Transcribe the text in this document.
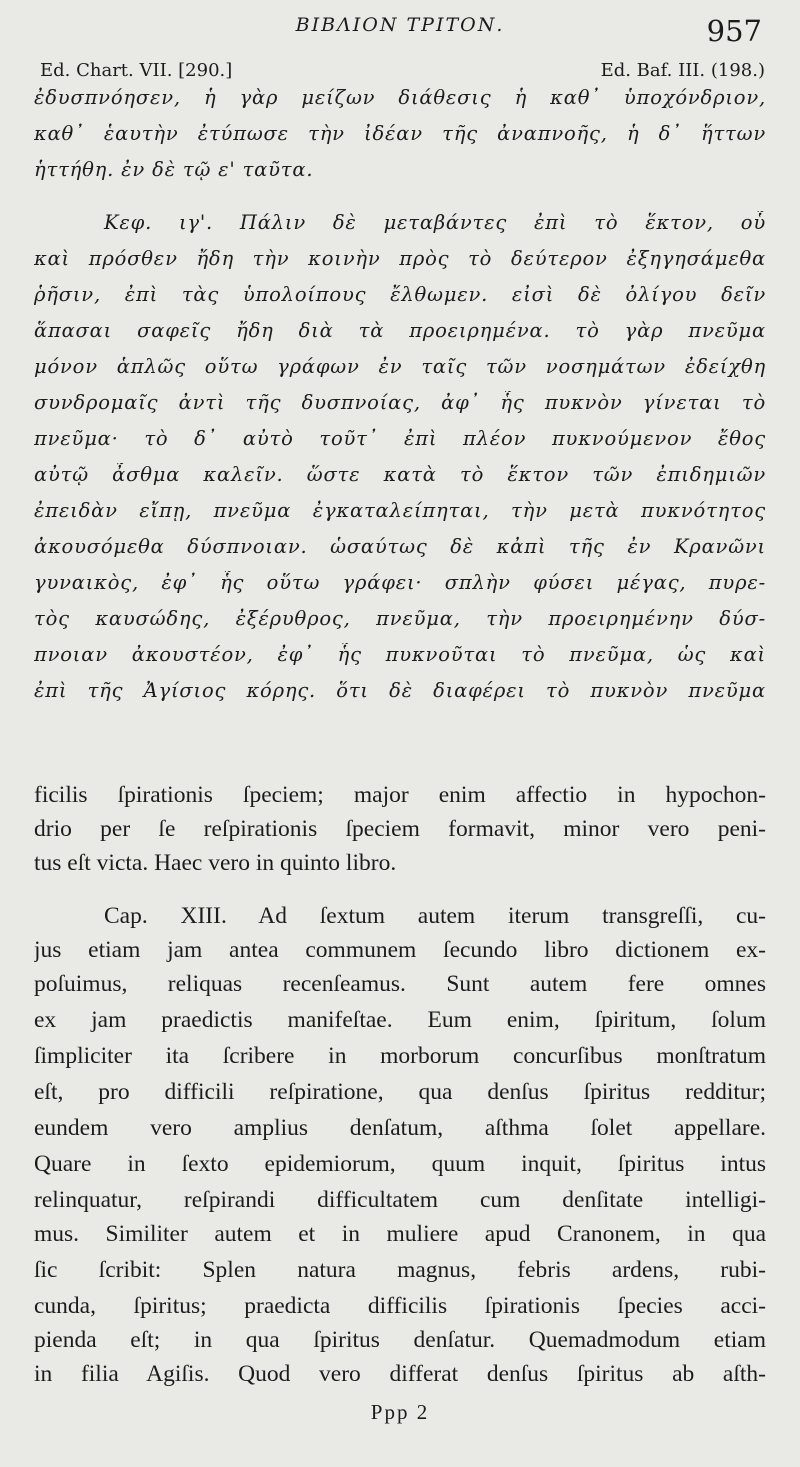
ΒΙΒΛΙΟΝ ΤΡΙΤΟΝ.	957
Ed. Chart. VII. [290.]	Ed. Baf. III. (198.)
ἐδυσπνόησεν, ἡ γὰρ μείζων διάθεσις ἡ καθ᾽ ὑποχόνδριον,
καθ᾽ ἑαυτὴν ἐτύπωσε τὴν ἰδέαν τῆς ἀναπνοῆς, ἡ δ᾽ ἥττων
ἡττήθη. ἐν δὲ τῷ ε' ταῦτα.
Κεφ. ιγ'. Πάλιν δὲ μεταβάντες ἐπὶ τὸ ἕκτον, οὗ
καὶ πρόσθεν ἤδη τὴν κοινὴν πρὸς τὸ δεύτερον ἐξηγησάμεθα
ῥῆσιν, ἐπὶ τὰς ὑπολοίπους ἔλθωμεν. εἰσὶ δὲ ὀλίγου δεῖν
ἅπασαι σαφεῖς ἤδη διὰ τὰ προειρημένα. τὸ γὰρ πνεῦμα
μόνον ἁπλῶς οὕτω γράφων ἐν ταῖς τῶν νοσημάτων ἐδείχθη
συνδρομαῖς ἀντὶ τῆς δυσπνοίας, ἀφ᾽ ἧς πυκνὸν γίνεται τὸ
πνεῦμα· τὸ δ᾽ αὐτὸ τοῦτ᾽ ἐπὶ πλέον πυκνούμενον ἔθος
αὐτῷ ἆσθμα καλεῖν. ὥστε κατὰ τὸ ἕκτον τῶν ἐπιδημιῶν
ἐπειδὰν εἴπῃ, πνεῦμα ἐγκαταλείπηται, τὴν μετὰ πυκνότητος
ἀκουσόμεθα δύσπνοιαν. ὡσαύτως δὲ κἀπὶ τῆς ἐν Κρανῶνι
γυναικὸς, ἐφ᾽ ἧς οὕτω γράφει· σπλὴν φύσει μέγας, πυρε-
τὸς καυσώδης, ἐξέρυθρος, πνεῦμα, τὴν προειρημένην δύσ-
πνοιαν ἀκουστέον, ἐφ᾽ ἧς πυκνοῦται τὸ πνεῦμα, ὡς καὶ
ἐπὶ τῆς Ἀγίσιος κόρης. ὅτι δὲ διαφέρει τὸ πυκνὸν πνεῦμα
ficilis ſpirationis ſpeciem; major enim affectio in hypochon-
drio per ſe reſpirationis ſpeciem formavit, minor vero peni-
tus eſt victa. Haec vero in quinto libro.
Cap. XIII. Ad ſextum autem iterum transgreſſi, cu-
jus etiam jam antea communem ſecundo libro dictionem ex-
poſuimus, reliquas recenſeamus. Sunt autem fere omnes
ex jam praedictis manifeſtae. Eum enim, ſpiritum, ſolum
ſimpliciter ita ſcribere in morborum concurſibus monſtratum
eſt, pro difficili reſpiratione, qua denſus ſpiritus redditur;
eundem vero amplius denſatum, aſthma ſolet appellare.
Quare in ſexto epidemiorum, quum inquit, ſpiritus intus
relinquatur, reſpirandi difficultatem cum denſitate intelligi-
mus. Similiter autem et in muliere apud Cranonem, in qua
ſic ſcribit: Splen natura magnus, febris ardens, rubi-
cunda, ſpiritus; praedicta difficilis ſpirationis ſpecies acci-
pienda eſt; in qua ſpiritus denſatur. Quemadmodum etiam
in filia Agiſis. Quod vero differat denſus ſpiritus ab aſth-
Ppp 2
